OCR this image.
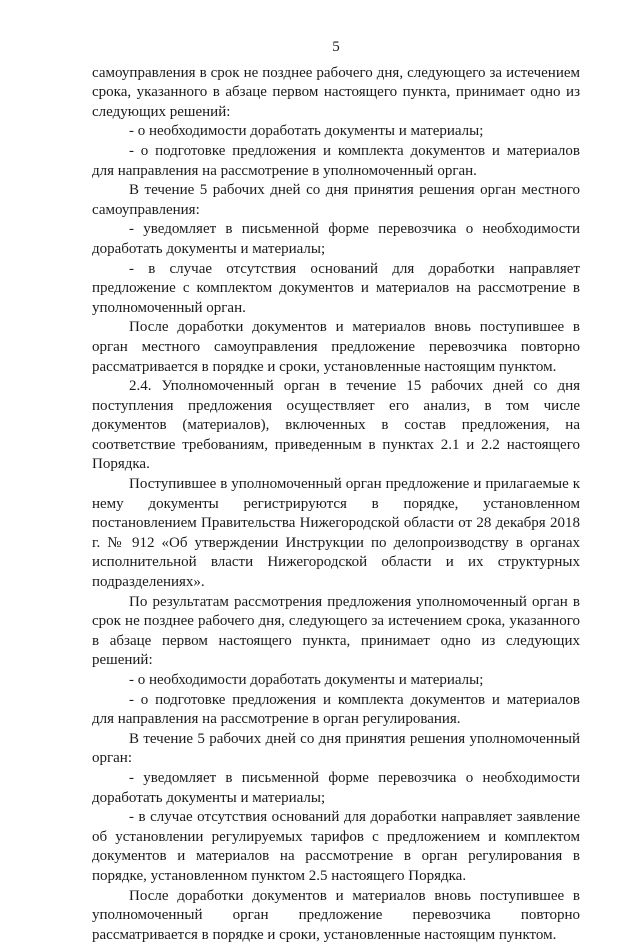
5

самоуправления в срок не позднее рабочего дня, следующего за истечением срока, указанного в абзаце первом настоящего пункта, принимает одно из следующих решений:

- о необходимости доработать документы и материалы;

- о подготовке предложения и комплекта документов и материалов для направления на рассмотрение в уполномоченный орган.

В течение 5 рабочих дней со дня принятия решения орган местного самоуправления:

- уведомляет в письменной форме перевозчика о необходимости доработать документы и материалы;

- в случае отсутствия оснований для доработки направляет предложение с комплектом документов и материалов на рассмотрение в уполномоченный орган.

После доработки документов и материалов вновь поступившее в орган местного самоуправления предложение перевозчика повторно рассматривается в порядке и сроки, установленные настоящим пунктом.

2.4. Уполномоченный орган в течение 15 рабочих дней со дня поступления предложения осуществляет его анализ, в том числе документов (материалов), включенных в состав предложения, на соответствие требованиям, приведенным в пунктах 2.1 и 2.2 настоящего Порядка.

Поступившее в уполномоченный орган предложение и прилагаемые к нему документы регистрируются в порядке, установленном постановлением Правительства Нижегородской области от 28 декабря 2018 г. № 912 «Об утверждении Инструкции по делопроизводству в органах исполнительной власти Нижегородской области и их структурных подразделениях».

По результатам рассмотрения предложения уполномоченный орган в срок не позднее рабочего дня, следующего за истечением срока, указанного в абзаце первом настоящего пункта, принимает одно из следующих решений:

- о необходимости доработать документы и материалы;

- о подготовке предложения и комплекта документов и материалов для направления на рассмотрение в орган регулирования.

В течение 5 рабочих дней со дня принятия решения уполномоченный орган:

- уведомляет в письменной форме перевозчика о необходимости доработать документы и материалы;

- в случае отсутствия оснований для доработки направляет заявление об установлении регулируемых тарифов с предложением и комплектом документов и материалов на рассмотрение в орган регулирования в порядке, установленном пунктом 2.5 настоящего Порядка.

После доработки документов и материалов вновь поступившее в уполномоченный орган предложение перевозчика повторно рассматривается в порядке и сроки, установленные настоящим пунктом.
